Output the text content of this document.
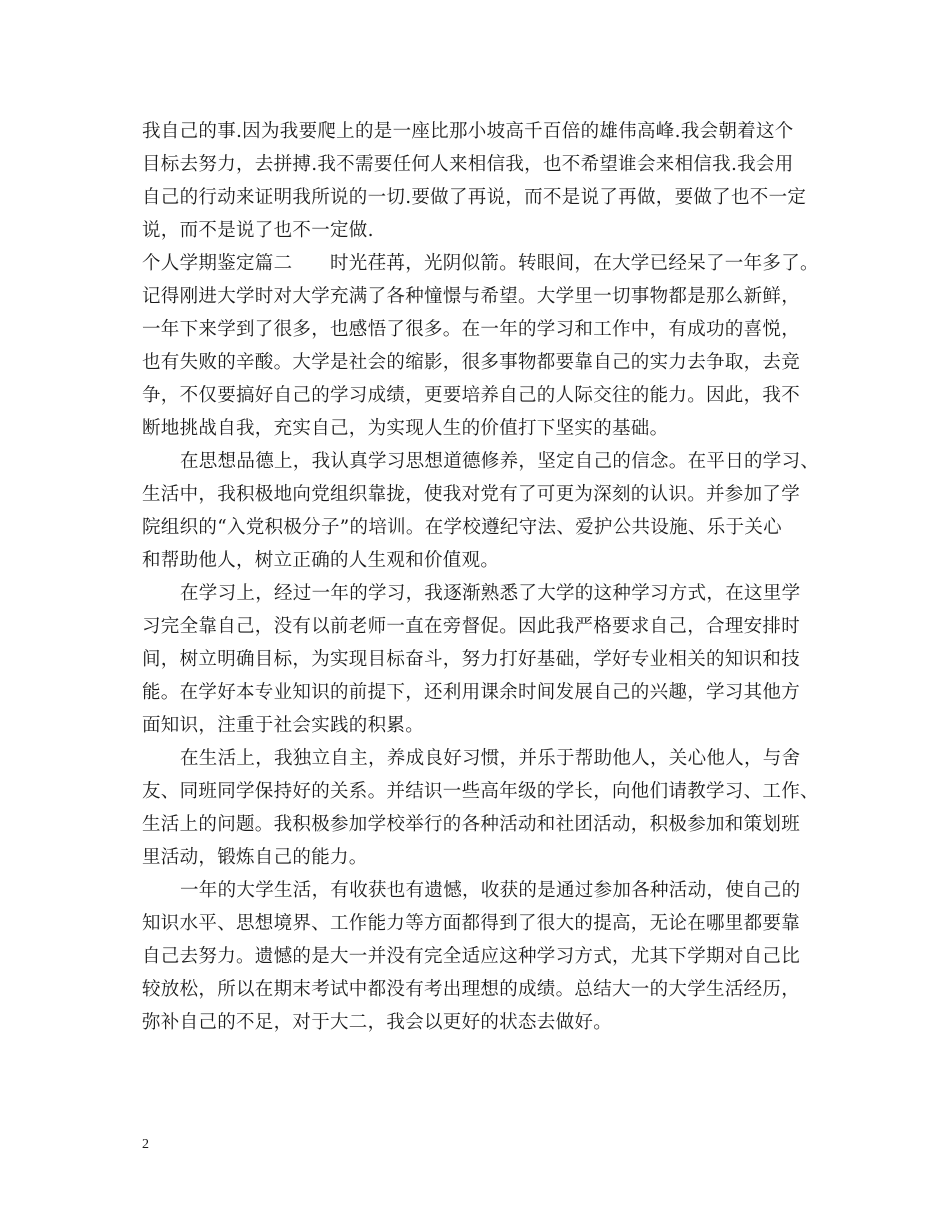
我自己的事.因为我要爬上的是一座比那小坡高千百倍的雄伟高峰.我会朝着这个
目标去努力，去拼搏.我不需要任何人来相信我，也不希望谁会来相信我.我会用
自己的行动来证明我所说的一切.要做了再说，而不是说了再做，要做了也不一定
说，而不是说了也不一定做.
个人学期鉴定篇二　　时光荏苒，光阴似箭。转眼间，在大学已经呆了一年多了。
记得刚进大学时对大学充满了各种憧憬与希望。大学里一切事物都是那么新鲜，
一年下来学到了很多，也感悟了很多。在一年的学习和工作中，有成功的喜悦，
也有失败的辛酸。大学是社会的缩影，很多事物都要靠自己的实力去争取，去竞
争，不仅要搞好自己的学习成绩，更要培养自己的人际交往的能力。因此，我不
断地挑战自我，充实自己，为实现人生的价值打下坚实的基础。
在思想品德上，我认真学习思想道德修养，坚定自己的信念。在平日的学习、
生活中，我积极地向党组织靠拢，使我对党有了可更为深刻的认识。并参加了学
院组织的“入党积极分子”的培训。在学校遵纪守法、爱护公共设施、乐于关心
和帮助他人，树立正确的人生观和价值观。
在学习上，经过一年的学习，我逐渐熟悉了大学的这种学习方式，在这里学
习完全靠自己，没有以前老师一直在旁督促。因此我严格要求自己，合理安排时
间，树立明确目标，为实现目标奋斗，努力打好基础，学好专业相关的知识和技
能。在学好本专业知识的前提下，还利用课余时间发展自己的兴趣，学习其他方
面知识，注重于社会实践的积累。
在生活上，我独立自主，养成良好习惯，并乐于帮助他人，关心他人，与舍
友、同班同学保持好的关系。并结识一些高年级的学长，向他们请教学习、工作、
生活上的问题。我积极参加学校举行的各种活动和社团活动，积极参加和策划班
里活动，锻炼自己的能力。
一年的大学生活，有收获也有遗憾，收获的是通过参加各种活动，使自己的
知识水平、思想境界、工作能力等方面都得到了很大的提高，无论在哪里都要靠
自己去努力。遗憾的是大一并没有完全适应这种学习方式，尤其下学期对自己比
较放松，所以在期末考试中都没有考出理想的成绩。总结大一的大学生活经历，
弥补自己的不足，对于大二，我会以更好的状态去做好。
2
